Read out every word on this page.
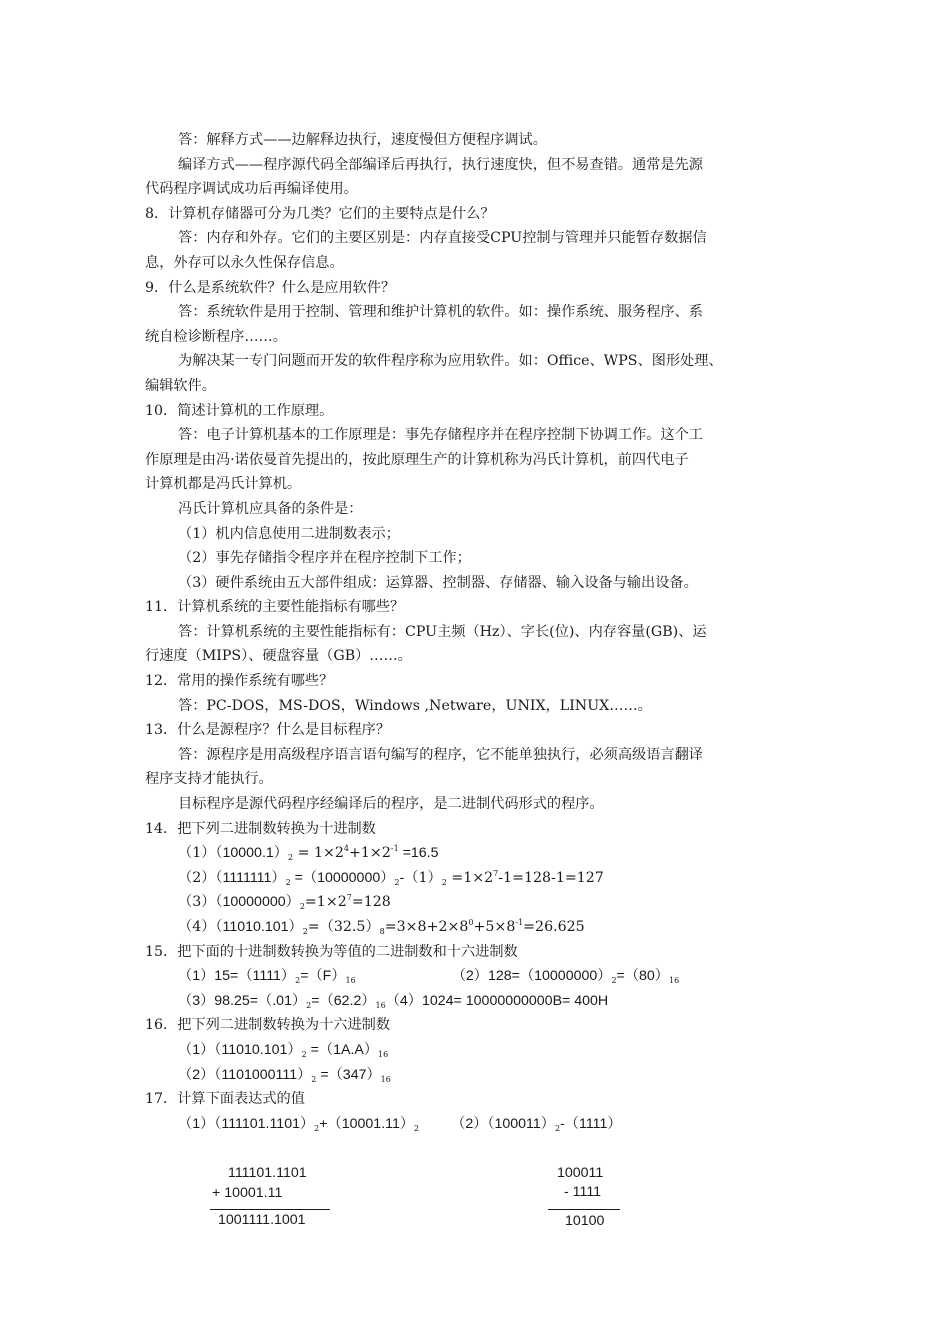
答：解释方式——边解释边执行，速度慢但方便程序调试。
编译方式——程序源代码全部编译后再执行，执行速度快，但不易查错。通常是先源
代码程序调试成功后再编译使用。
8．计算机存储器可分为几类？它们的主要特点是什么？
答：内存和外存。它们的主要区别是：内存直接受CPU控制与管理并只能暂存数据信
息，外存可以永久性保存信息。
9．什么是系统软件？什么是应用软件？
答：系统软件是用于控制、管理和维护计算机的软件。如：操作系统、服务程序、系
统自检诊断程序……。
为解决某一专门问题而开发的软件程序称为应用软件。如：Office、WPS、图形处理、
编辑软件。
10．简述计算机的工作原理。
答：电子计算机基本的工作原理是：事先存储程序并在程序控制下协调工作。这个工
作原理是由冯·诺依曼首先提出的，按此原理生产的计算机称为冯氏计算机，前四代电子
计算机都是冯氏计算机。
冯氏计算机应具备的条件是：
（1）机内信息使用二进制数表示；
（2）事先存储指令程序并在程序控制下工作；
（3）硬件系统由五大部件组成：运算器、控制器、存储器、输入设备与输出设备。
11．计算机系统的主要性能指标有哪些？
答：计算机系统的主要性能指标有：CPU主频（Hz）、字长(位)、内存容量(GB)、运
行速度（MIPS）、硬盘容量（GB）……。
12．常用的操作系统有哪些？
答：PC-DOS，MS-DOS，Windows ,Netware，UNIX，LINUX……。
13．什么是源程序？什么是目标程序？
答：源程序是用高级程序语言语句编写的程序，它不能单独执行，必须高级语言翻译
程序支持才能执行。
目标程序是源代码程序经编译后的程序，是二进制代码形式的程序。
14．把下列二进制数转换为十进制数
$(1)(10000.1)_2 = 1\times 2^4+1\times 2^{-1} =16.5$
$(2)(1111111)_2 =(10000000)_2-(1)_2 =1\times 2^7-1=128-1=127$
$(3)(10000000)_2=1\times 2^7=128$
$(4)(11010.101)_2=(32.5)_8=3\times 8+2\times 8^0+5\times 8^{-1}=26.625$
15．把下面的十进制数转换为等值的二进制数和十六进制数
$(1)15=(1111)_2=(F)_{16}$	$(2)128=(10000000)_2=(80)_{16}$
$(3)98.25=(.01)_2=(62.2)_{16}(4)1024= 10000000000B= 400H$
16．把下列二进制数转换为十六进制数
$(1)(11010.101)_2 =(1A.A)_{16}$
$(2)(1101000111)_2 =(347)_{16}$
17．计算下面表达式的值
$(1)(111101.1101)_2+(10001.11)_2$ $(2)(100011)_2-(1111)$
111101.1101
+ 10001.11
1001111.1001
100011
- 1111
10100
